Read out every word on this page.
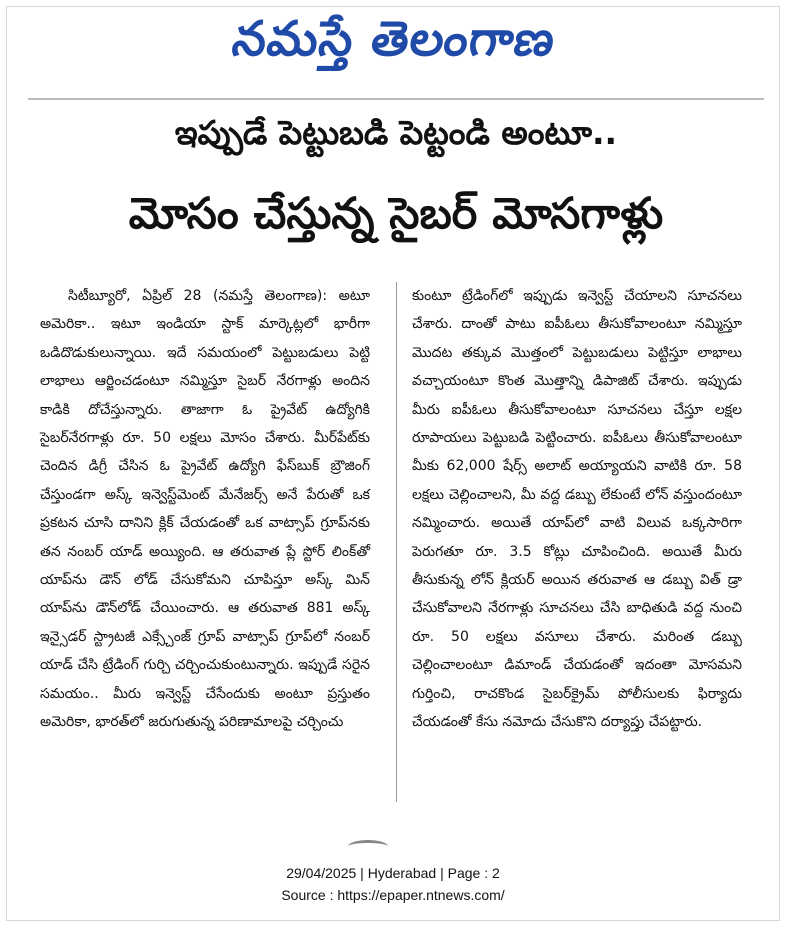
నమస్తే తెలంగాణ
ఇప్పుడే పెట్టుబడి పెట్టండి అంటూ..
మోసం చేస్తున్న సైబర్ మోసగాళ్లు

సిటీబ్యూరో, ఏప్రిల్ 28 (నమస్తే తెలంగాణ): అటూ అమెరికా.. ఇటూ ఇండియా స్టాక్ మార్కెట్లలో భారీగా ఒడిదొడుకులున్నాయి. ఇదే సమయంలో పెట్టుబడులు పెట్టి లాభాలు ఆర్జించడంటూ నమ్మిస్తూ సైబర్ నేరగాళ్లు అందిన కాడికి దోచేస్తున్నారు. తాజాగా ఓ ప్రైవేట్ ఉద్యోగికి సైబర్‌నేరగాళ్లు రూ. 50 లక్షలు మోసం చేశారు. మీర్‌పేట్‌కు చెందిన డిగ్రీ చేసిన ఓ ప్రైవేట్ ఉద్యోగి ఫేస్‌బుక్ బ్రౌజింగ్ చేస్తుండగా అస్క్ ఇన్వెస్ట్‌మెంట్ మేనేజర్స్ అనే పేరుతో ఒక ప్రకటన చూసి దానిని క్లిక్ చేయడంతో ఒక వాట్సాప్ గ్రూప్‌నకు తన నంబర్ యాడ్ అయ్యింది. ఆ తరువాత ప్లే స్టోర్ లింక్‌తో యాప్‌ను డౌన్ లోడ్ చేసుకోమని చూపిస్తూ అస్క్ మిన్ యాప్‌ను డౌన్‌లోడ్ చేయించారు. ఆ తరువాత 881 అస్క్ ఇన్సైడర్ స్ట్రాటజీ ఎక్స్చేంజ్ గ్రూప్ వాట్సాప్ గ్రూప్‌లో నంబర్ యాడ్ చేసి ట్రేడింగ్ గుర్చి చర్చించుకుంటున్నారు. ఇప్పుడే సరైన సమయం.. మీరు ఇన్వెస్ట్ చేసేందుకు అంటూ ప్రస్తుతం అమెరికా, భారత్‌లో జరుగుతున్న పరిణామాలపై చర్చించు

కుంటూ ట్రేడింగ్‌లో ఇప్పుడు ఇన్వెస్ట్ చేయాలని సూచనలు చేశారు. దాంతో పాటు ఐపీఓలు తీసుకోవాలంటూ నమ్మిస్తూ మొదట తక్కువ మొత్తంలో పెట్టుబడులు పెట్టిస్తూ లాభాలు వచ్చాయంటూ కొంత మొత్తాన్ని డిపాజిట్ చేశారు. ఇప్పుడు మీరు ఐపీఓలు తీసుకోవాలంటూ సూచనలు చేస్తూ లక్షల రూపాయలు పెట్టుబడి పెట్టించారు. ఐపీఓలు తీసుకోవాలంటూ మీకు 62,000 షేర్స్ అలాట్ అయ్యాయని వాటికి రూ. 58 లక్షలు చెల్లించాలని, మీ వద్ద డబ్బు లేకుంటే లోన్ వస్తుందంటూ నమ్మించారు. అయితే యాప్‌లో వాటి విలువ ఒక్కసారిగా పెరుగతూ రూ. 3.5 కోట్లు చూపించింది. అయితే మీరు తీసుకున్న లోన్ క్లియర్ అయిన తరువాత ఆ డబ్బు విత్ డ్రా చేసుకోవాలని నేరగాళ్లు సూచనలు చేసి బాధితుడి వద్ద నుంచి రూ. 50 లక్షలు వసూలు చేశారు. మరింత డబ్బు చెల్లించాలంటూ డిమాండ్ చేయడంతో ఇదంతా మోసమని గుర్తించి, రాచకొండ సైబర్‌క్రైమ్ పోలీసులకు ఫిర్యాదు చేయడంతో కేసు నమోదు చేసుకొని దర్యాప్తు చేపట్టారు.

29/04/2025 | Hyderabad | Page : 2
Source : https://epaper.ntnews.com/
